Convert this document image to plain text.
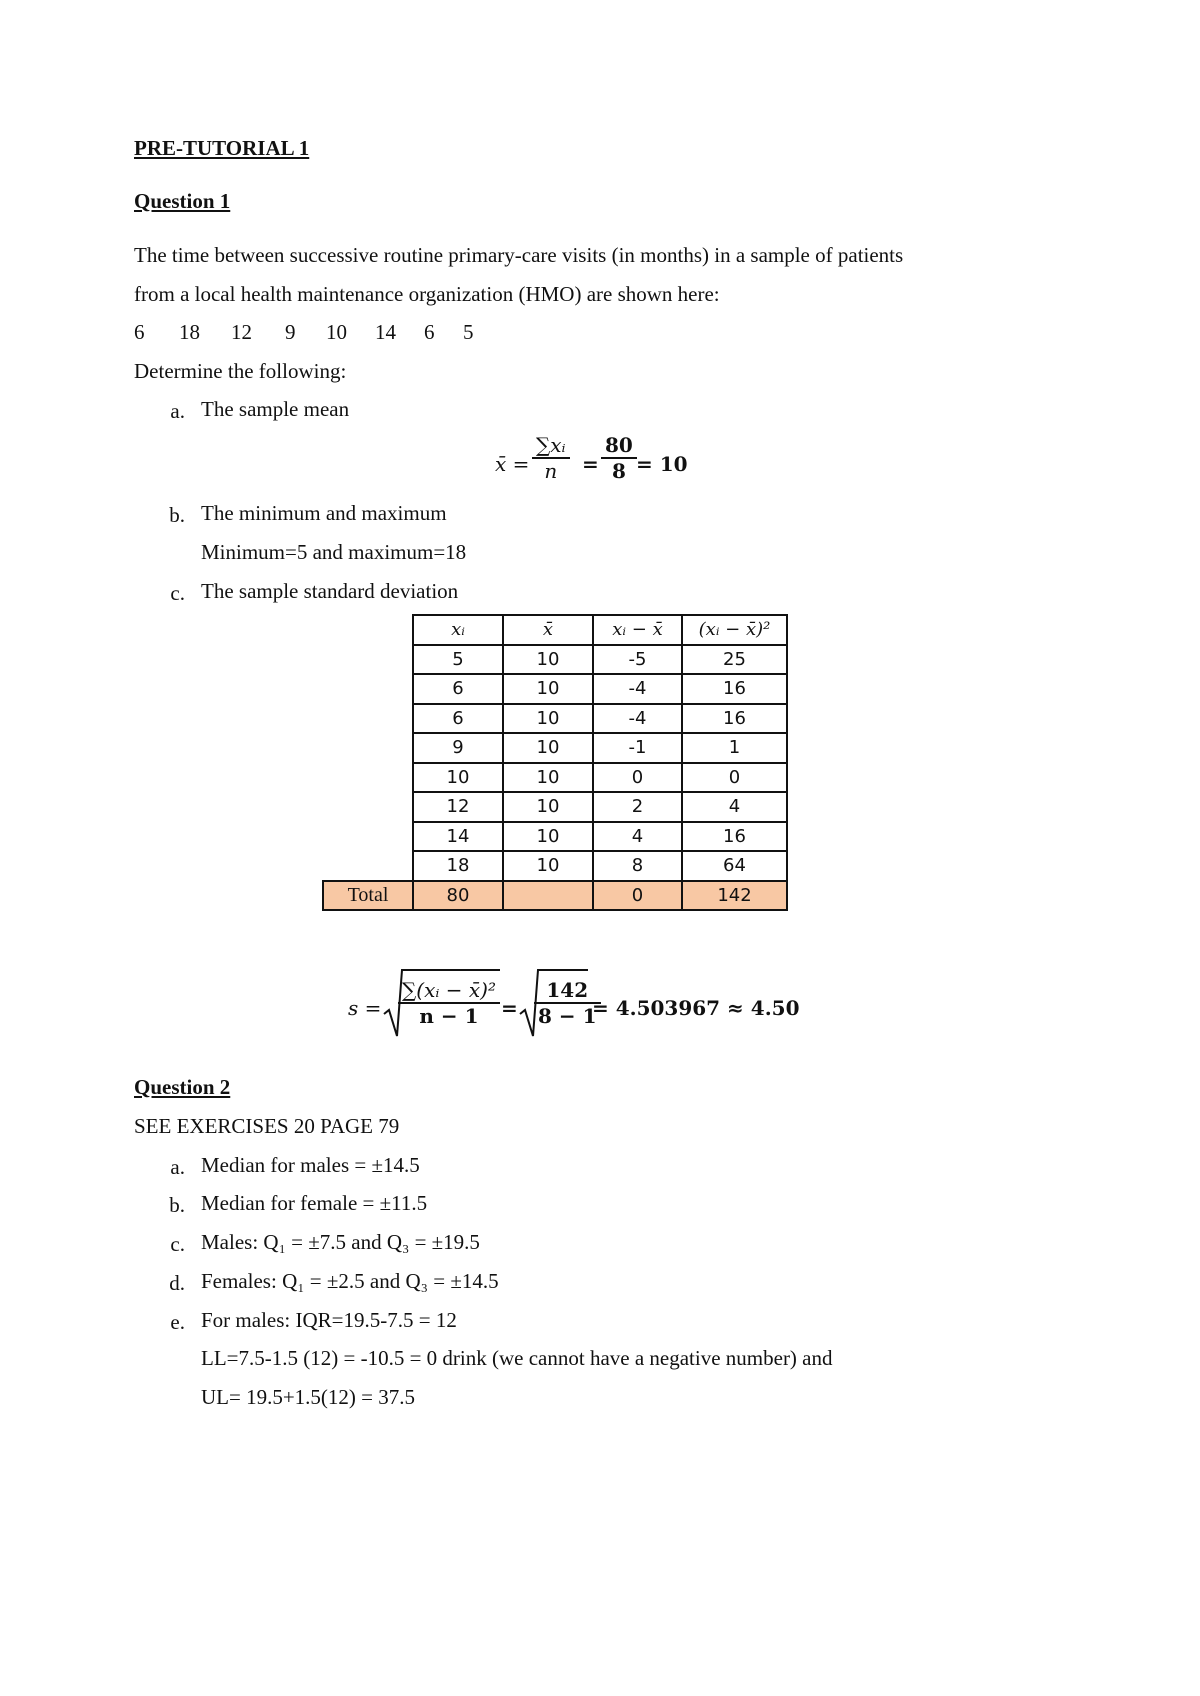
PRE-TUTORIAL 1
Question 1
The time between successive routine primary-care visits (in months) in a sample of patients
from a local health maintenance organization (HMO) are shown here:
6 18 12 9 10 14 6 5
Determine the following:
a. The sample mean
x̄ =
∑xᵢ
n =
80
8 = 10
b. The minimum and maximum
Minimum=5 and maximum=18
c. The sample standard deviation
	xᵢ	x̄	xᵢ − x̄	(xᵢ − x̄)²
	5	10	-5	25
	6	10	-4	16
	6	10	-4	16
	9	10	-1	1
	10	10	0	0
	12	10	2	4
	14	10	4	16
	18	10	8	64
Total	80		0	142
s =
∑(xᵢ − x̄)²
n − 1 =
142
8 − 1
= 4.503967 ≈ 4.50
Question 2
SEE EXERCISES 20 PAGE 79
a. Median for males = ±14.5
b. Median for female = ±11.5
c. Males: Q₁ = ±7.5 and Q₃ = ±19.5
d. Females: Q₁ = ±2.5 and Q₃ = ±14.5
e. For males: IQR=19.5-7.5 = 12
LL=7.5-1.5 (12) = -10.5 = 0 drink (we cannot have a negative number) and
UL= 19.5+1.5(12) = 37.5
